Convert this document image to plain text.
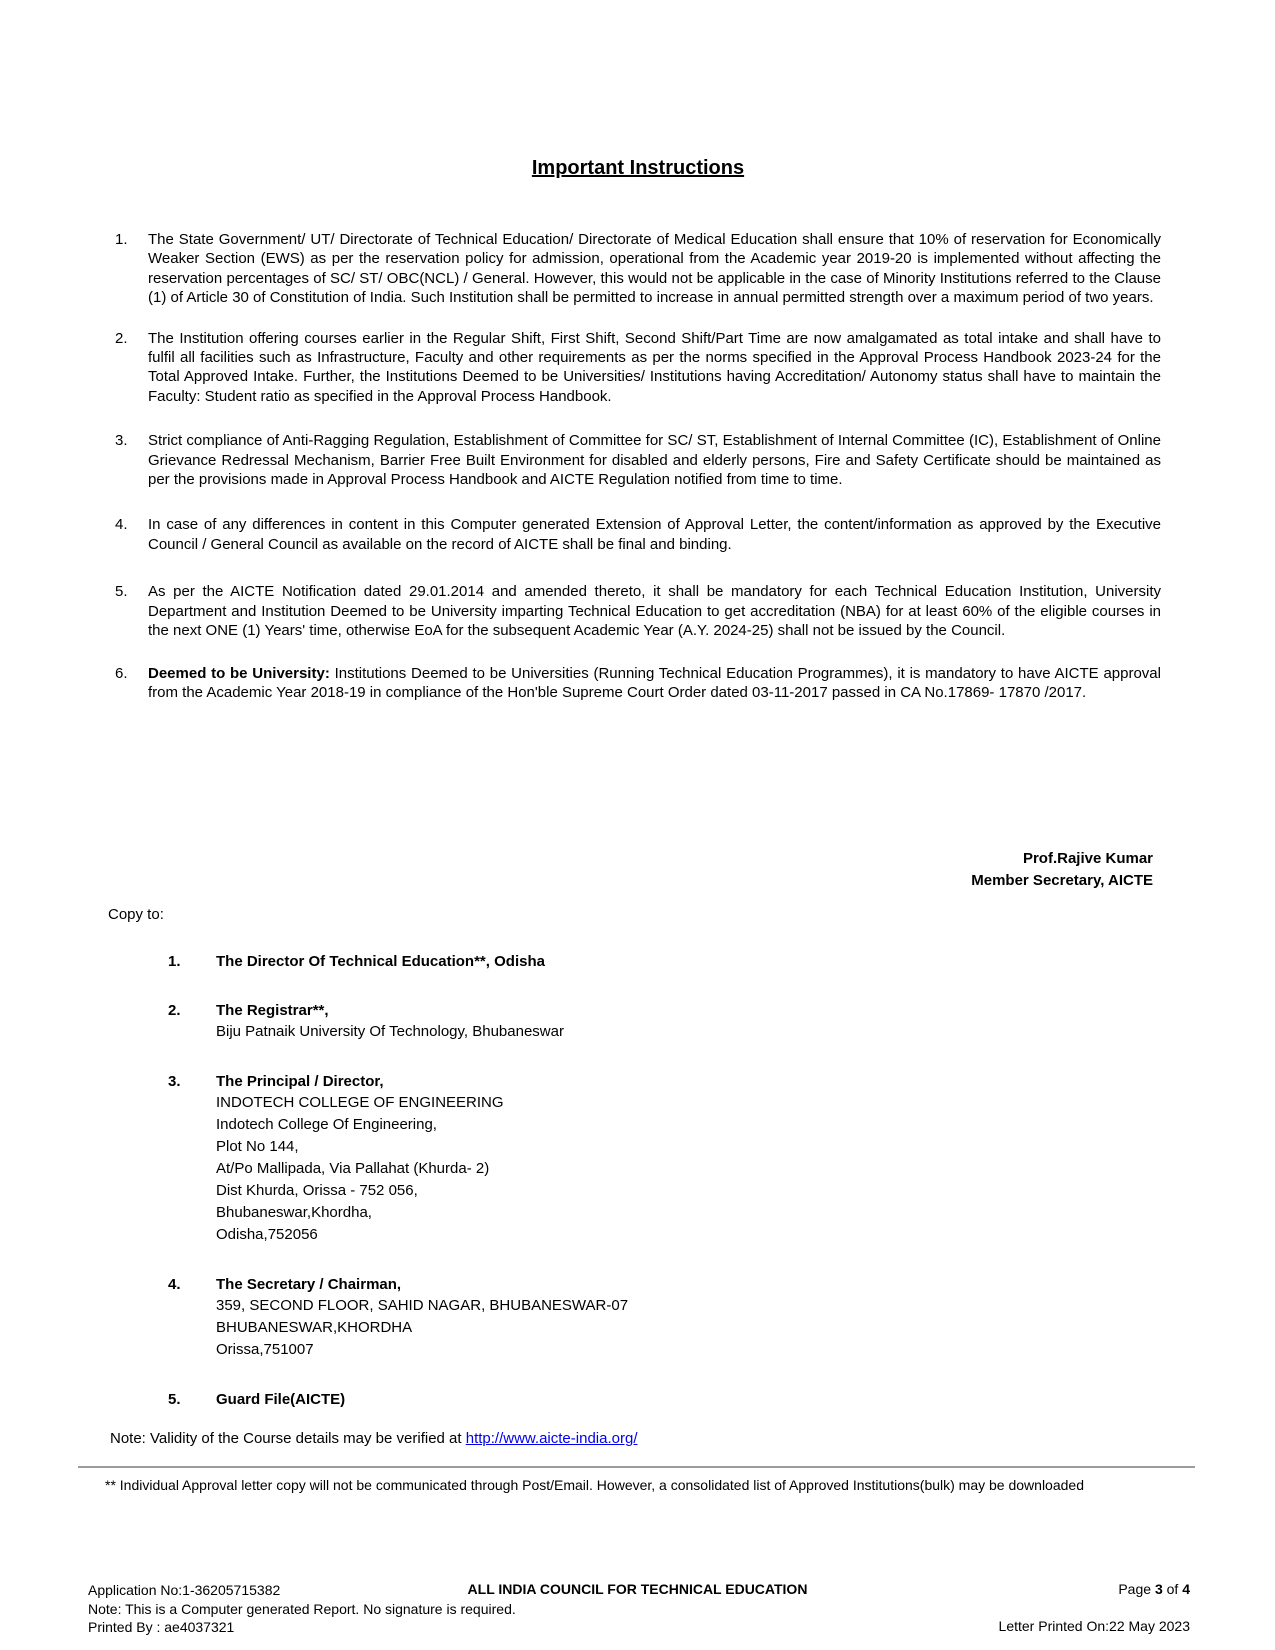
Important Instructions
1.	The State Government/ UT/ Directorate of Technical Education/ Directorate of Medical Education shall ensure that 10% of reservation for Economically Weaker Section (EWS) as per the reservation policy for admission, operational from the Academic year 2019-20 is implemented without affecting the reservation percentages of SC/ ST/ OBC(NCL) / General. However, this would not be applicable in the case of Minority Institutions referred to the Clause (1) of Article 30 of Constitution of India. Such Institution shall be permitted to increase in annual permitted strength over a maximum period of two years.
2.	The Institution offering courses earlier in the Regular Shift, First Shift, Second Shift/Part Time are now amalgamated as total intake and shall have to fulfil all facilities such as Infrastructure, Faculty and other requirements as per the norms specified in the Approval Process Handbook 2023-24 for the Total Approved Intake. Further, the Institutions Deemed to be Universities/ Institutions having Accreditation/ Autonomy status shall have to maintain the Faculty: Student ratio as specified in the Approval Process Handbook.
3.	Strict compliance of Anti-Ragging Regulation, Establishment of Committee for SC/ ST, Establishment of Internal Committee (IC), Establishment of Online Grievance Redressal Mechanism, Barrier Free Built Environment for disabled and elderly persons, Fire and Safety Certificate should be maintained as per the provisions made in Approval Process Handbook and AICTE Regulation notified from time to time.
4.	In case of any differences in content in this Computer generated Extension of Approval Letter, the content/information as approved by the Executive Council / General Council as available on the record of AICTE shall be final and binding.
5.	As per the AICTE Notification dated 29.01.2014 and amended thereto, it shall be mandatory for each Technical Education Institution, University Department and Institution Deemed to be University imparting Technical Education to get accreditation (NBA) for at least 60% of the eligible courses in the next ONE (1) Years' time, otherwise EoA for the subsequent Academic Year (A.Y. 2024-25) shall not be issued by the Council.
6.	Deemed to be University: Institutions Deemed to be Universities (Running Technical Education Programmes), it is mandatory to have AICTE approval from the Academic Year 2018-19 in compliance of the Hon'ble Supreme Court Order dated 03-11-2017 passed in CA No.17869- 17870 /2017.
Prof.Rajive Kumar
Member Secretary, AICTE
Copy to:
1.	The Director Of Technical Education**, Odisha
2.	The Registrar**,
Biju Patnaik University Of Technology, Bhubaneswar
3.	The Principal / Director,
INDOTECH COLLEGE OF ENGINEERING
Indotech College Of Engineering,
Plot No 144,
At/Po Mallipada, Via Pallahat (Khurda- 2)
Dist Khurda, Orissa - 752 056,
Bhubaneswar,Khordha,
Odisha,752056
4.	The Secretary / Chairman,
359, SECOND FLOOR, SAHID NAGAR, BHUBANESWAR-07
BHUBANESWAR,KHORDHA
Orissa,751007
5.	Guard File(AICTE)
Note: Validity of the Course details may be verified at http://www.aicte-india.org/
** Individual Approval letter copy will not be communicated through Post/Email. However, a consolidated list of Approved Institutions(bulk) may be downloaded
Application No:1-36205715382
Note: This is a Computer generated Report. No signature is required.
Printed By : ae4037321
ALL INDIA COUNCIL FOR TECHNICAL EDUCATION	Page 3 of 4
Letter Printed On:22 May 2023
